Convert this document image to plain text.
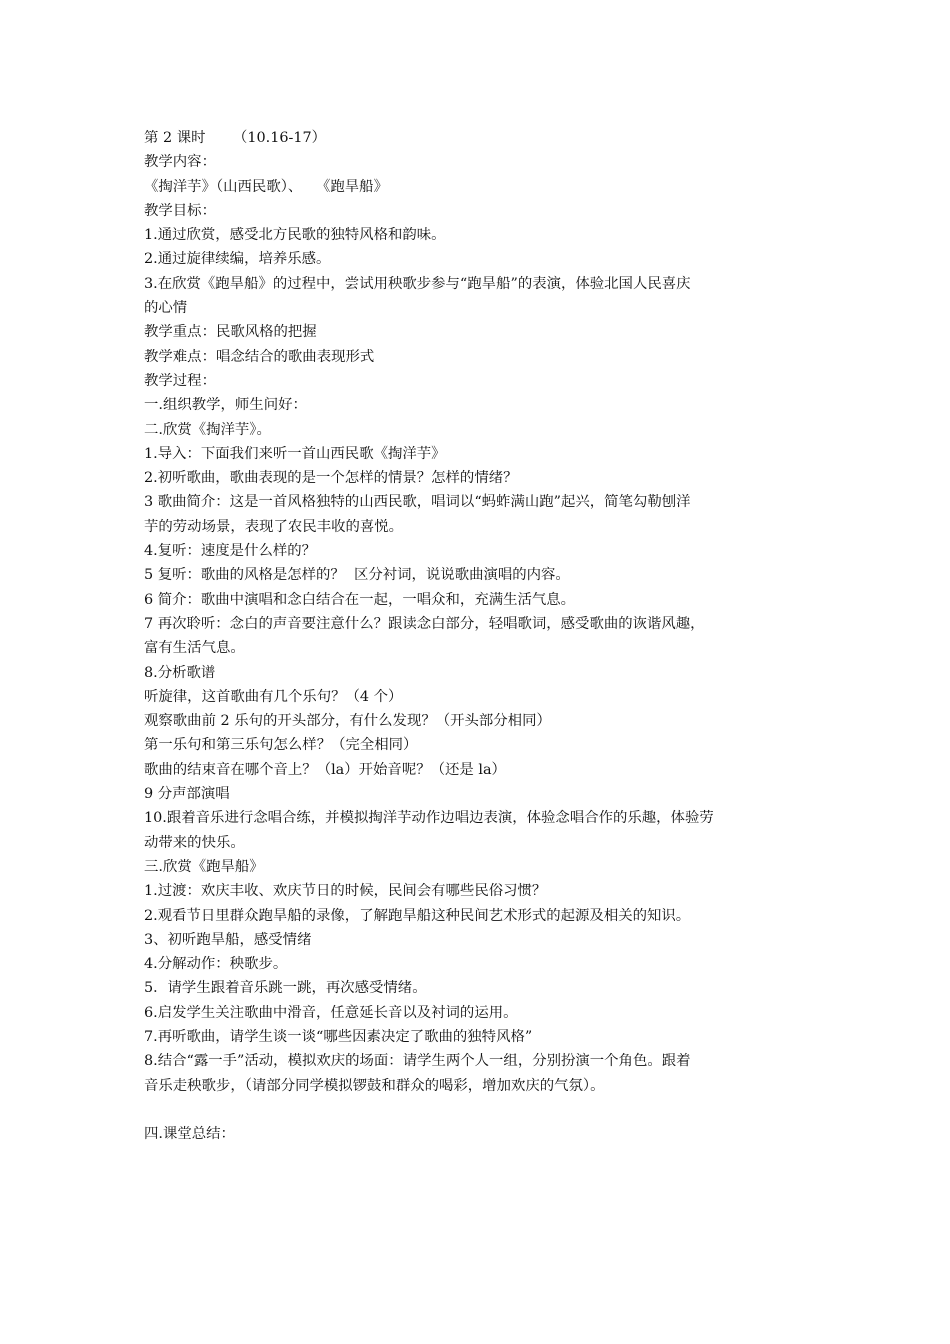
第 2 课时      （10.16-17）
教学内容：
《掏洋芋》（山西民歌）、   《跑旱船》
教学目标：
1.通过欣赏，感受北方民歌的独特风格和韵味。
2.通过旋律续编，培养乐感。
3.在欣赏《跑旱船》的过程中，尝试用秧歌步参与“跑旱船”的表演，体验北国人民喜庆
的心情
教学重点：民歌风格的把握
教学难点：唱念结合的歌曲表现形式
教学过程：
一.组织教学，师生问好：
二.欣赏《掏洋芋》。
1.导入：下面我们来听一首山西民歌《掏洋芋》
2.初听歌曲，歌曲表现的是一个怎样的情景？怎样的情绪？
3 歌曲简介：这是一首风格独特的山西民歌，唱词以“蚂蚱满山跑”起兴，简笔勾勒刨洋
芋的劳动场景，表现了农民丰收的喜悦。
4.复听：速度是什么样的？
5 复听：歌曲的风格是怎样的？  区分衬词，说说歌曲演唱的内容。
6 简介：歌曲中演唱和念白结合在一起，一唱众和，充满生活气息。
7 再次聆听：念白的声音要注意什么？跟读念白部分，轻唱歌词，感受歌曲的诙谐风趣，
富有生活气息。
8.分析歌谱
听旋律，这首歌曲有几个乐句？（4 个）
观察歌曲前 2 乐句的开头部分，有什么发现？（开头部分相同）
第一乐句和第三乐句怎么样？（完全相同）
歌曲的结束音在哪个音上？（la）开始音呢？（还是 la）
9 分声部演唱
10.跟着音乐进行念唱合练，并模拟掏洋芋动作边唱边表演，体验念唱合作的乐趣，体验劳
动带来的快乐。
三.欣赏《跑旱船》
1.过渡：欢庆丰收、欢庆节日的时候，民间会有哪些民俗习惯？
2.观看节日里群众跑旱船的录像，了解跑旱船这种民间艺术形式的起源及相关的知识。
3、初听跑旱船，感受情绪
4.分解动作：秧歌步。
5．请学生跟着音乐跳一跳，再次感受情绪。
6.启发学生关注歌曲中滑音，任意延长音以及衬词的运用。
7.再听歌曲，请学生谈一谈“哪些因素决定了歌曲的独特风格”
8.结合“露一手”活动，模拟欢庆的场面：请学生两个人一组，分别扮演一个角色。跟着
音乐走秧歌步，（请部分同学模拟锣鼓和群众的喝彩，增加欢庆的气氛）。
四.课堂总结：
